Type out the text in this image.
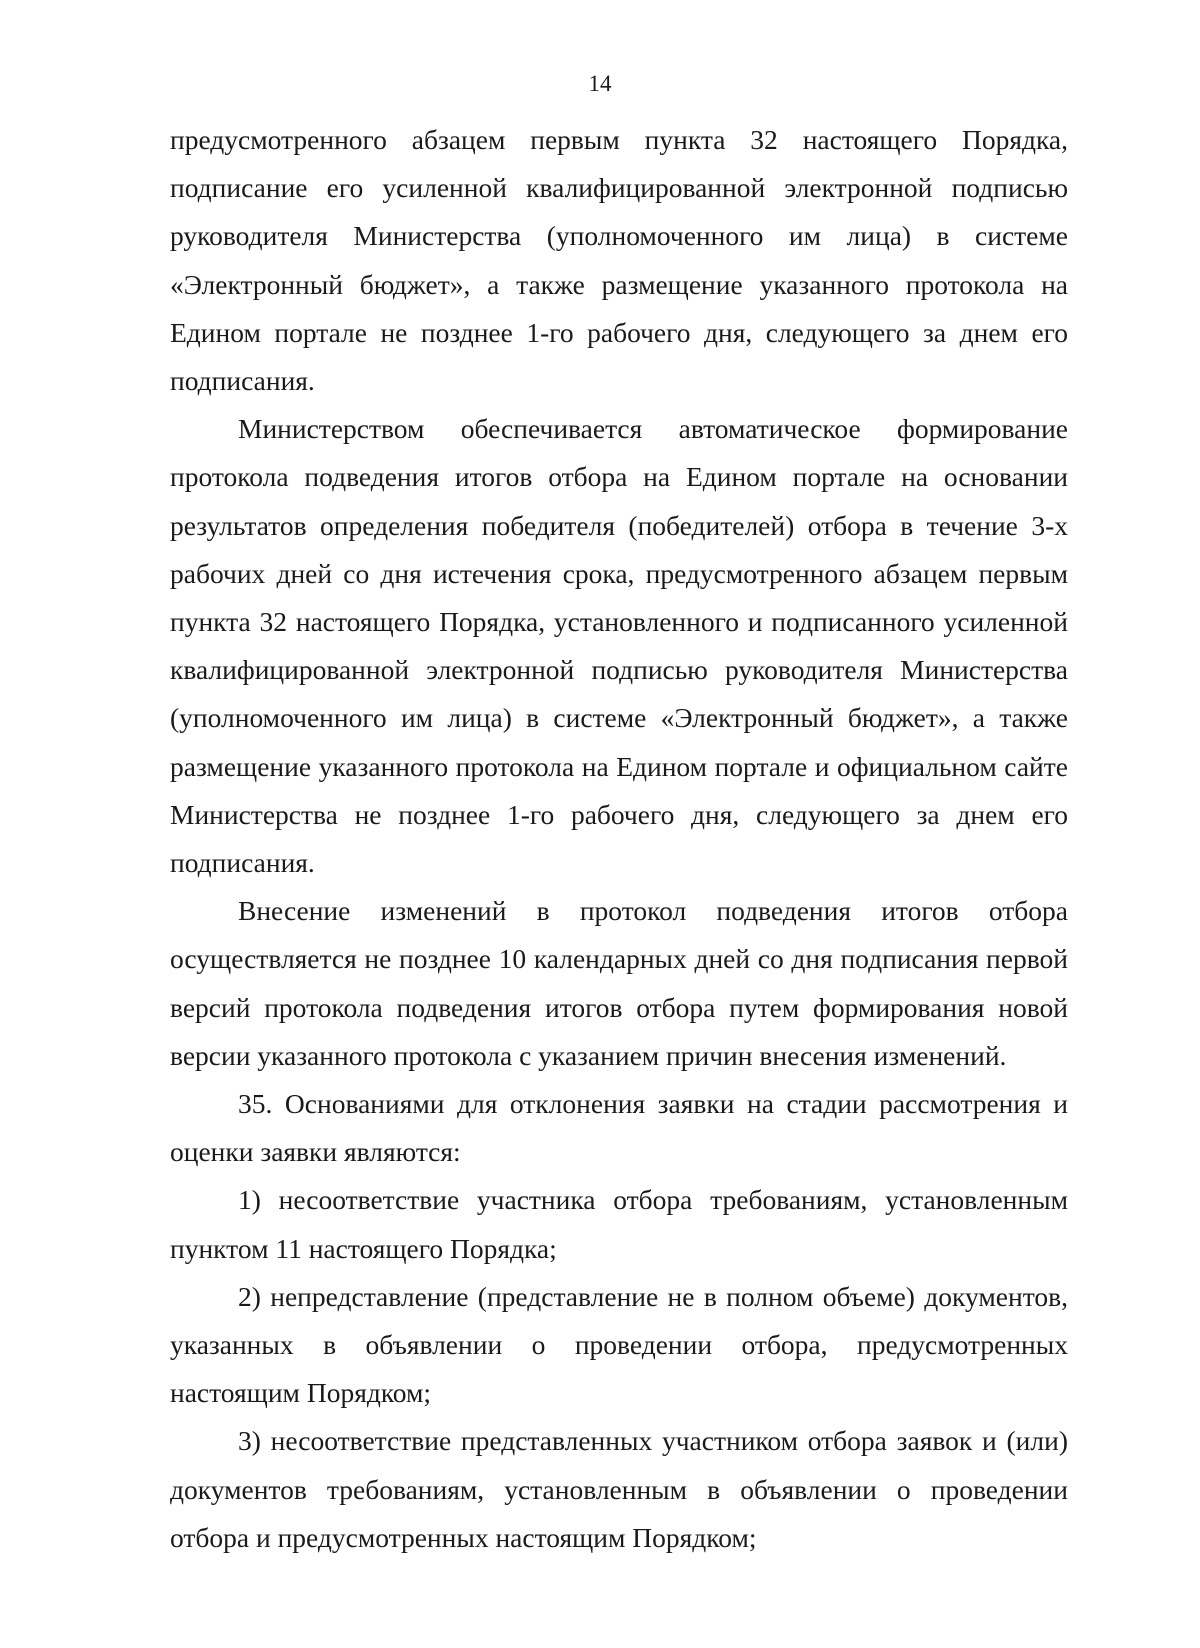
14

предусмотренного абзацем первым пункта 32 настоящего Порядка, подписание его усиленной квалифицированной электронной подписью руководителя Министерства (уполномоченного им лица) в системе «Электронный бюджет», а также размещение указанного протокола на Едином портале не позднее 1-го рабочего дня, следующего за днем его подписания.

Министерством обеспечивается автоматическое формирование протокола подведения итогов отбора на Едином портале на основании результатов определения победителя (победителей) отбора в течение 3-х рабочих дней со дня истечения срока, предусмотренного абзацем первым пункта 32 настоящего Порядка, установленного и подписанного усиленной квалифицированной электронной подписью руководителя Министерства (уполномоченного им лица) в системе «Электронный бюджет», а также размещение указанного протокола на Едином портале и официальном сайте Министерства не позднее 1-го рабочего дня, следующего за днем его подписания.

Внесение изменений в протокол подведения итогов отбора осуществляется не позднее 10 календарных дней со дня подписания первой версий протокола подведения итогов отбора путем формирования новой версии указанного протокола с указанием причин внесения изменений.

35. Основаниями для отклонения заявки на стадии рассмотрения и оценки заявки являются:

1) несоответствие участника отбора требованиям, установленным пунктом 11 настоящего Порядка;

2) непредставление (представление не в полном объеме) документов, указанных в объявлении о проведении отбора, предусмотренных настоящим Порядком;

3) несоответствие представленных участником отбора заявок и (или) документов требованиям, установленным в объявлении о проведении отбора и предусмотренных настоящим Порядком;
